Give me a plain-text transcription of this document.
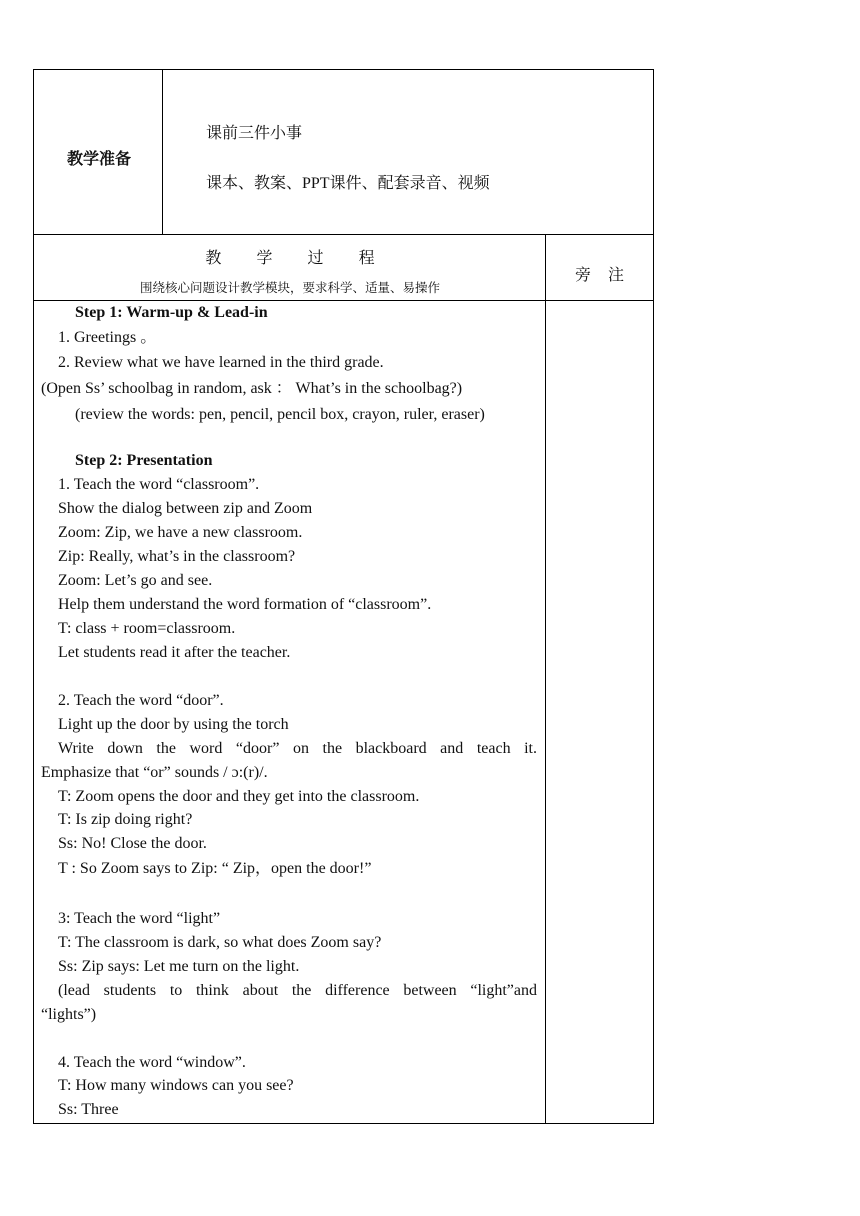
教学准备
课前三件小事
课本、教案、PPT课件、配套录音、视频
教 学 过 程
围绕核心问题设计教学模块，要求科学、适量、易操作
旁 注
Step 1: Warm-up & Lead-in
1. Greetings 。
2. Review what we have learned in the third grade.
(Open Ss’ schoolbag in random, ask ： What’s in the schoolbag?)
(review the words: pen, pencil, pencil box, crayon, ruler, eraser)
Step 2: Presentation
1. Teach the word “classroom”.
Show the dialog between zip and Zoom
Zoom: Zip, we have a new classroom.
Zip: Really, what’s in the classroom?
Zoom: Let’s go and see.
Help them understand the word formation of “classroom”.
T: class + room=classroom.
Let students read it after the teacher.
2. Teach the word “door”.
Light up the door by using the torch
Write down the word “door” on the blackboard and teach it.
Emphasize that “or” sounds / ɔ:(r)/.
T: Zoom opens the door and they get into the classroom.
T: Is zip doing right?
Ss: No! Close the door.
T : So Zoom says to Zip: “ Zip，open the door!”
3: Teach the word “light”
T: The classroom is dark, so what does Zoom say?
Ss: Zip says: Let me turn on the light.
(lead students to think about the difference between “light”and
“lights”)
4. Teach the word “window”.
T: How many windows can you see?
Ss: Three
